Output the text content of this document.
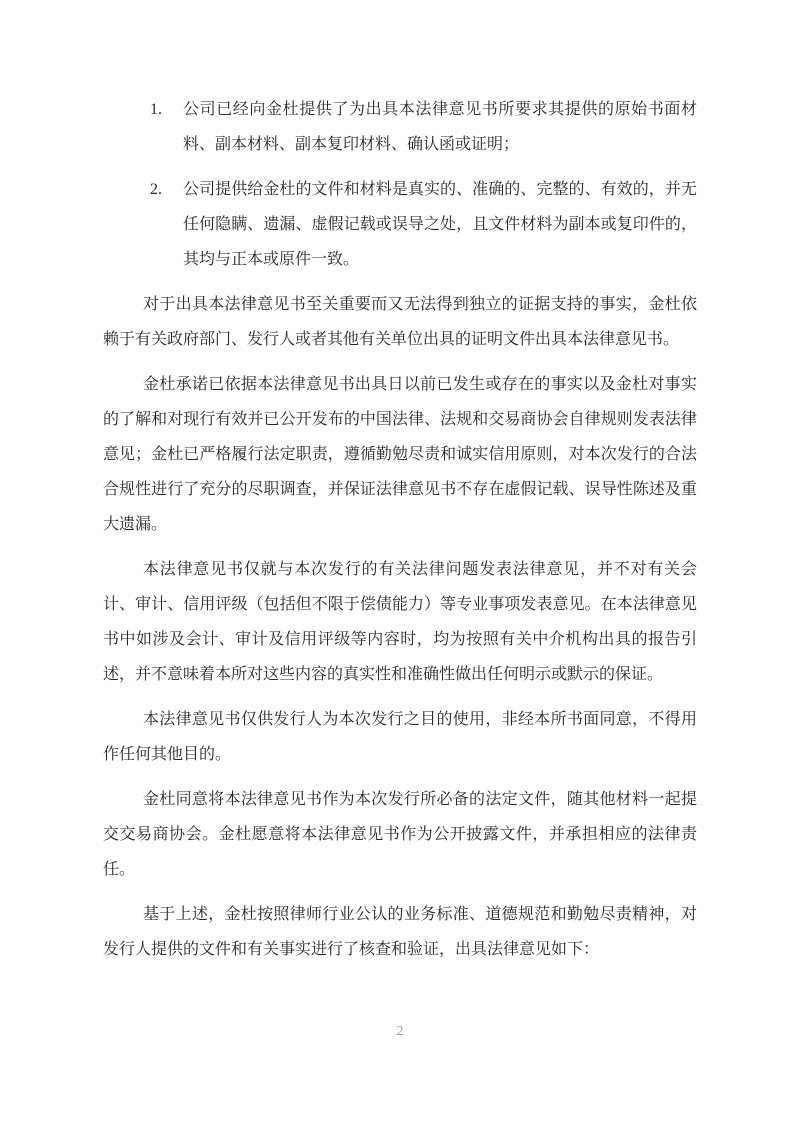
1.	公司已经向金杜提供了为出具本法律意见书所要求其提供的原始书面材料、副本材料、副本复印材料、确认函或证明；
2.	公司提供给金杜的文件和材料是真实的、准确的、完整的、有效的，并无任何隐瞒、遗漏、虚假记载或误导之处，且文件材料为副本或复印件的，其均与正本或原件一致。
对于出具本法律意见书至关重要而又无法得到独立的证据支持的事实，金杜依赖于有关政府部门、发行人或者其他有关单位出具的证明文件出具本法律意见书。
金杜承诺已依据本法律意见书出具日以前已发生或存在的事实以及金杜对事实的了解和对现行有效并已公开发布的中国法律、法规和交易商协会自律规则发表法律意见；金杜已严格履行法定职责，遵循勤勉尽责和诚实信用原则，对本次发行的合法合规性进行了充分的尽职调查，并保证法律意见书不存在虚假记载、误导性陈述及重大遗漏。
本法律意见书仅就与本次发行的有关法律问题发表法律意见，并不对有关会计、审计、信用评级（包括但不限于偿债能力）等专业事项发表意见。在本法律意见书中如涉及会计、审计及信用评级等内容时，均为按照有关中介机构出具的报告引述，并不意味着本所对这些内容的真实性和准确性做出任何明示或默示的保证。
本法律意见书仅供发行人为本次发行之目的使用，非经本所书面同意，不得用作任何其他目的。
金杜同意将本法律意见书作为本次发行所必备的法定文件，随其他材料一起提交交易商协会。金杜愿意将本法律意见书作为公开披露文件，并承担相应的法律责任。
基于上述，金杜按照律师行业公认的业务标准、道德规范和勤勉尽责精神，对发行人提供的文件和有关事实进行了核查和验证，出具法律意见如下：
2
